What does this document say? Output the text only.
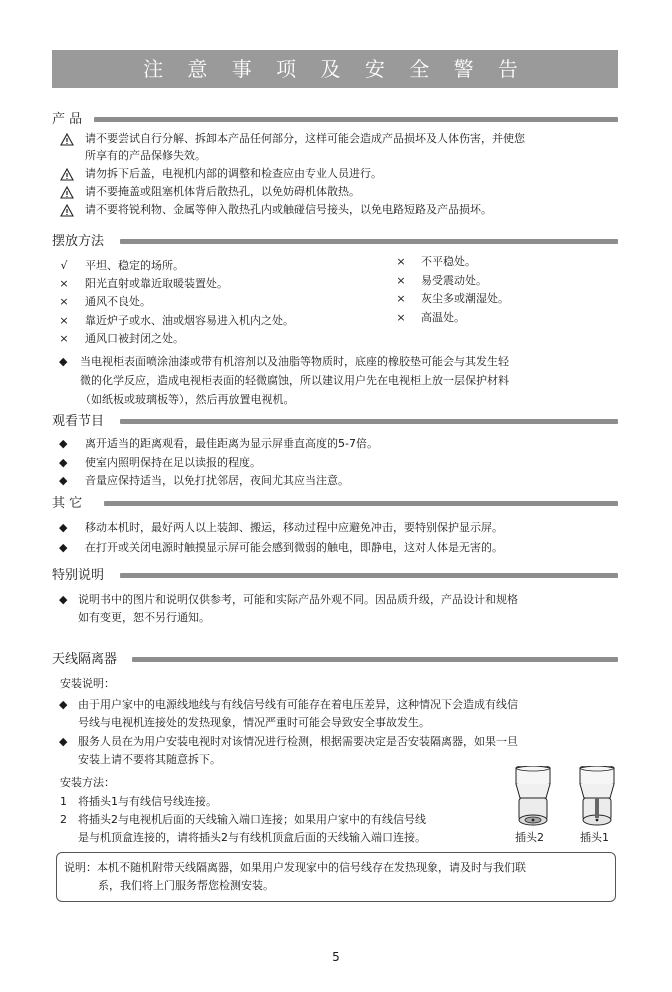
注 意 事 项 及 安 全 警 告
产 品
请不要尝试自行分解、拆卸本产品任何部分，这样可能会造成产品损坏及人体伤害，并使您
所享有的产品保修失效。
请勿拆下后盖，电视机内部的调整和检查应由专业人员进行。
请不要掩盖或阻塞机体背后散热孔，以免妨碍机体散热。
请不要将锐利物、金属等伸入散热孔内或触碰信号接头，以免电路短路及产品损坏。
摆放方法
√	平坦、稳定的场所。
× 阳光直射或靠近取暖装置处。
× 通风不良处。
× 靠近炉子或水、油或烟容易进入机内之处。
× 通风口被封闭之处。
× 不平稳处。
× 易受震动处。
× 灰尘多或潮湿处。
× 高温处。
◆ 当电视柜表面喷涂油漆或带有机溶剂以及油脂等物质时，底座的橡胶垫可能会与其发生轻
微的化学反应，造成电视柜表面的轻微腐蚀，所以建议用户先在电视柜上放一层保护材料
（如纸板或玻璃板等），然后再放置电视机。
观看节目
◆ 离开适当的距离观看，最佳距离为显示屏垂直高度的5-7倍。
◆ 使室内照明保持在足以读报的程度。
◆ 音量应保持适当，以免打扰邻居，夜间尤其应当注意。
其 它
◆ 移动本机时，最好两人以上装卸、搬运，移动过程中应避免冲击，要特别保护显示屏。
◆ 在打开或关闭电源时触摸显示屏可能会感到微弱的触电，即静电，这对人体是无害的。
特别说明
◆ 说明书中的图片和说明仅供参考，可能和实际产品外观不同。因品质升级，产品设计和规格
如有变更，恕不另行通知。
天线隔离器
安装说明：
◆ 由于用户家中的电源线地线与有线信号线有可能存在着电压差异，这种情况下会造成有线信
号线与电视机连接处的发热现象，情况严重时可能会导致安全事故发生。
◆ 服务人员在为用户安装电视时对该情况进行检测，根据需要决定是否安装隔离器，如果一旦
安装上请不要将其随意拆下。
安装方法：
1 将插头1与有线信号线连接。
2 将插头2与电视机后面的天线输入端口连接；如果用户家中的有线信号线
是与机顶盒连接的，请将插头2与有线机顶盒后面的天线输入端口连接。	插头2	插头1
说明：本机不随机附带天线隔离器，如果用户发现家中的信号线存在发热现象，请及时与我们联
系，我们将上门服务帮您检测安装。
5
